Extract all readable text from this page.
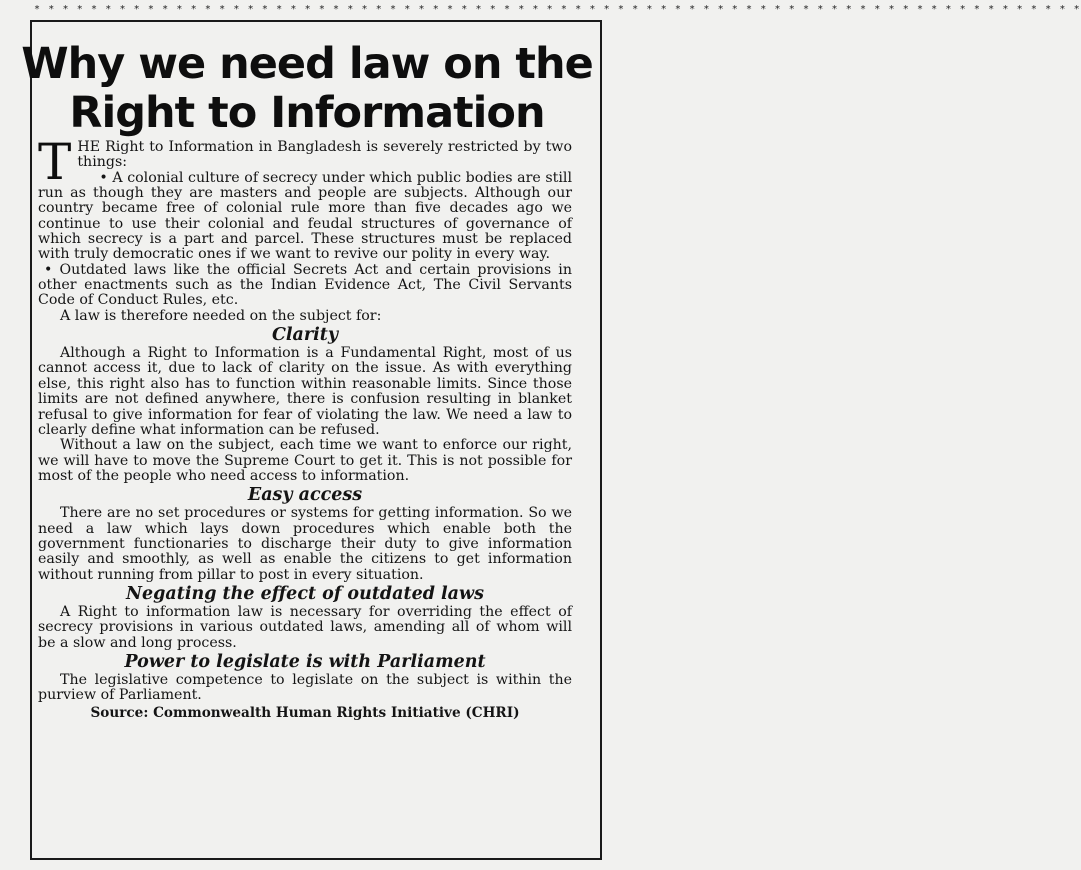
* * * * * * * * * * * * * * * * * * * * * * * * * * * * * * * * * * * * * * * * * * * * * * * * * * * * * * * * * * * * * * * * * * * * * * * * * *
Why we need law on the Right to Information

THE Right to Information in Bangladesh is severely restricted by two things:

• A colonial culture of secrecy under which public bodies are still run as though they are masters and people are subjects. Although our country became free of colonial rule more than five decades ago we continue to use their colonial and feudal structures of governance of which secrecy is a part and parcel. These structures must be replaced with truly democratic ones if we want to revive our polity in every way.

• Outdated laws like the official Secrets Act and certain provisions in other enactments such as the Indian Evidence Act, The Civil Servants Code of Conduct Rules, etc.

A law is therefore needed on the subject for:

Clarity

Although a Right to Information is a Fundamental Right, most of us cannot access it, due to lack of clarity on the issue. As with everything else, this right also has to function within reasonable limits. Since those limits are not defined anywhere, there is confusion resulting in blanket refusal to give information for fear of violating the law. We need a law to clearly define what information can be refused.

Without a law on the subject, each time we want to enforce our right, we will have to move the Supreme Court to get it. This is not possible for most of the people who need access to information.

Easy access

There are no set procedures or systems for getting information. So we need a law which lays down procedures which enable both the government functionaries to discharge their duty to give information easily and smoothly, as well as enable the citizens to get information without running from pillar to post in every situation.

Negating the effect of outdated laws

A Right to information law is necessary for overriding the effect of secrecy provisions in various outdated laws, amending all of whom will be a slow and long process.

Power to legislate is with Parliament

The legislative competence to legislate on the subject is within the purview of Parliament.

Source: Commonwealth Human Rights Initiative (CHRI)
